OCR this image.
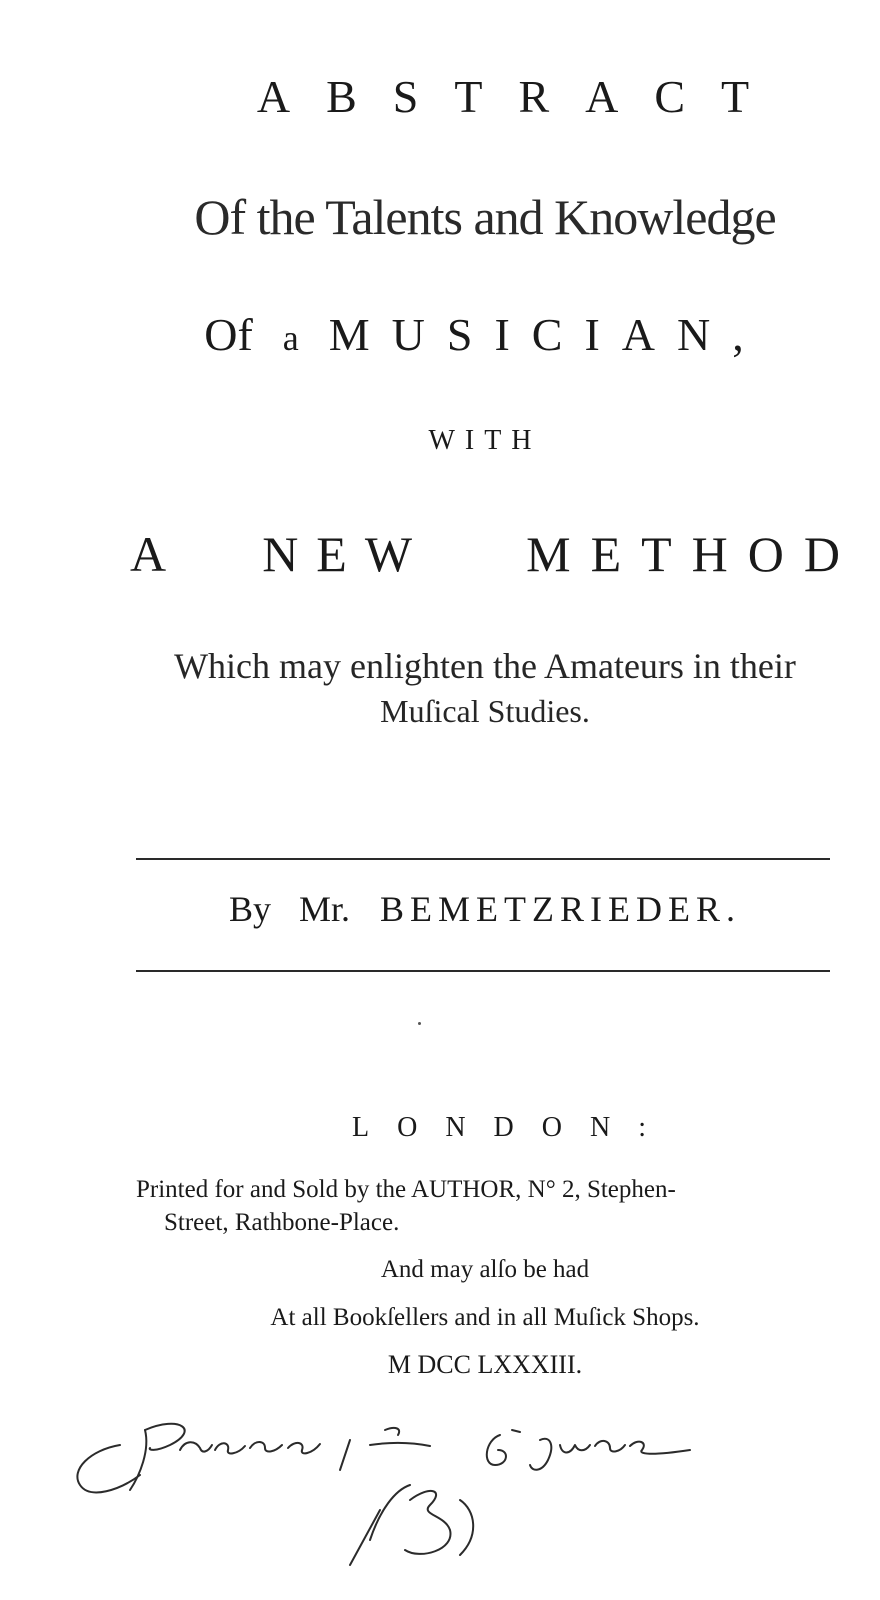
ABSTRACT
Of the Talents and Knowledge
Of a MUSICIAN,
WITH
A NEW METHOD
Which may enlighten the Amateurs in their
Muſical Studies.
By Mr. BEMETZRIEDER.
LONDON:
Printed for and Sold by the AUTHOR, N° 2, Stephen-
Street, Rathbone-Place.
And may alſo be had
At all Bookſellers and in all Muſick Shops.
M DCC LXXXIII.
Price 1 — 6 June
